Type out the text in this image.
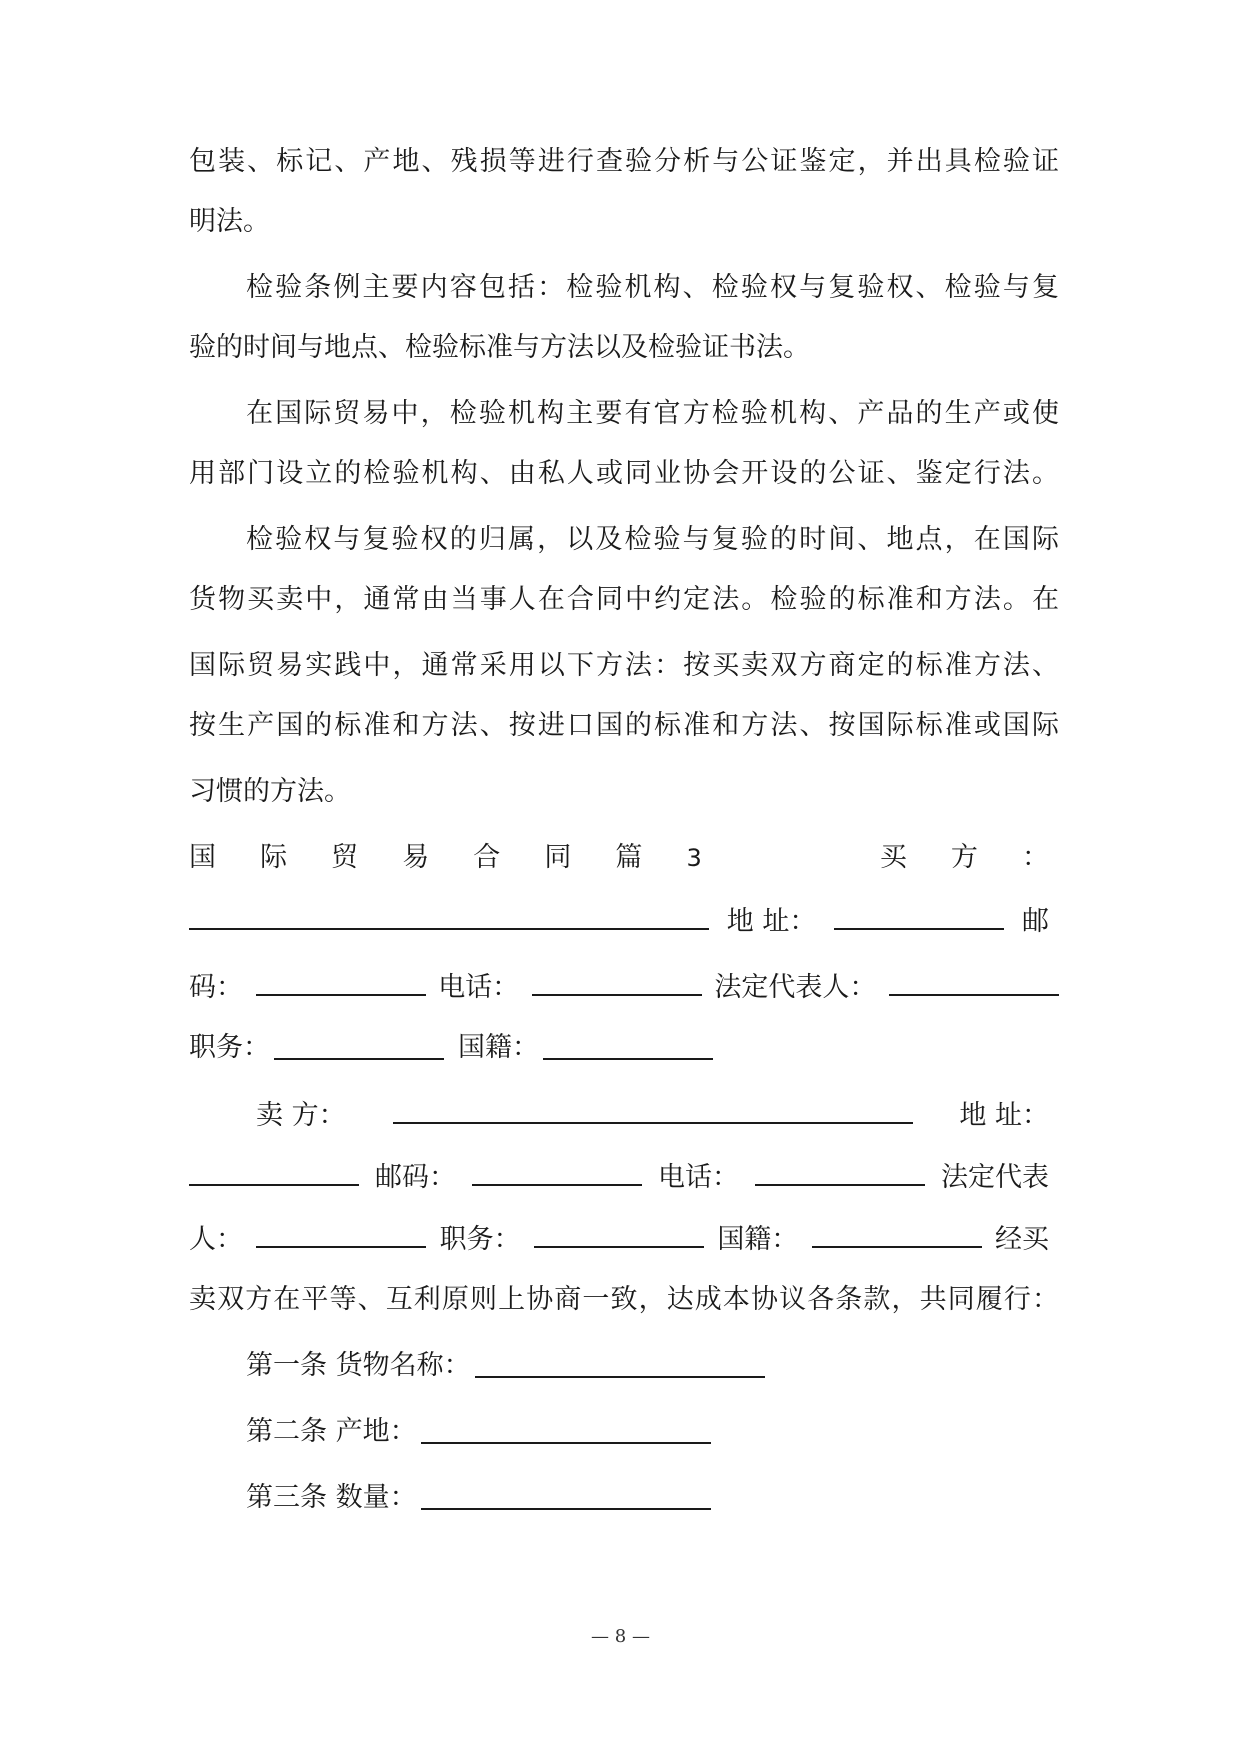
包装、标记、产地、残损等进行查验分析与公证鉴定，并出具检验证
明法。
检验条例主要内容包括：检验机构、检验权与复验权、检验与复
验的时间与地点、检验标准与方法以及检验证书法。
在国际贸易中，检验机构主要有官方检验机构、产品的生产或使
用部门设立的检验机构、由私人或同业协会开设的公证、鉴定行法。
检验权与复验权的归属，以及检验与复验的时间、地点，在国际
货物买卖中，通常由当事人在合同中约定法。检验的标准和方法。在
国际贸易实践中，通常采用以下方法：按买卖双方商定的标准方法、
按生产国的标准和方法、按进口国的标准和方法、按国际标准或国际
习惯的方法。
国 际 贸 易 合 同 篇 3	买 方 ：
地 址：	邮
码：	电话：	法定代表人：
职务：	国籍：
卖 方：	地 址：
邮码：	电话：	法定代表
人：	职务：	国籍：	经买
卖双方在平等、互利原则上协商一致，达成本协议各条款，共同履行：
第一条 货物名称：
第二条 产地：
第三条 数量：
— 8 —
